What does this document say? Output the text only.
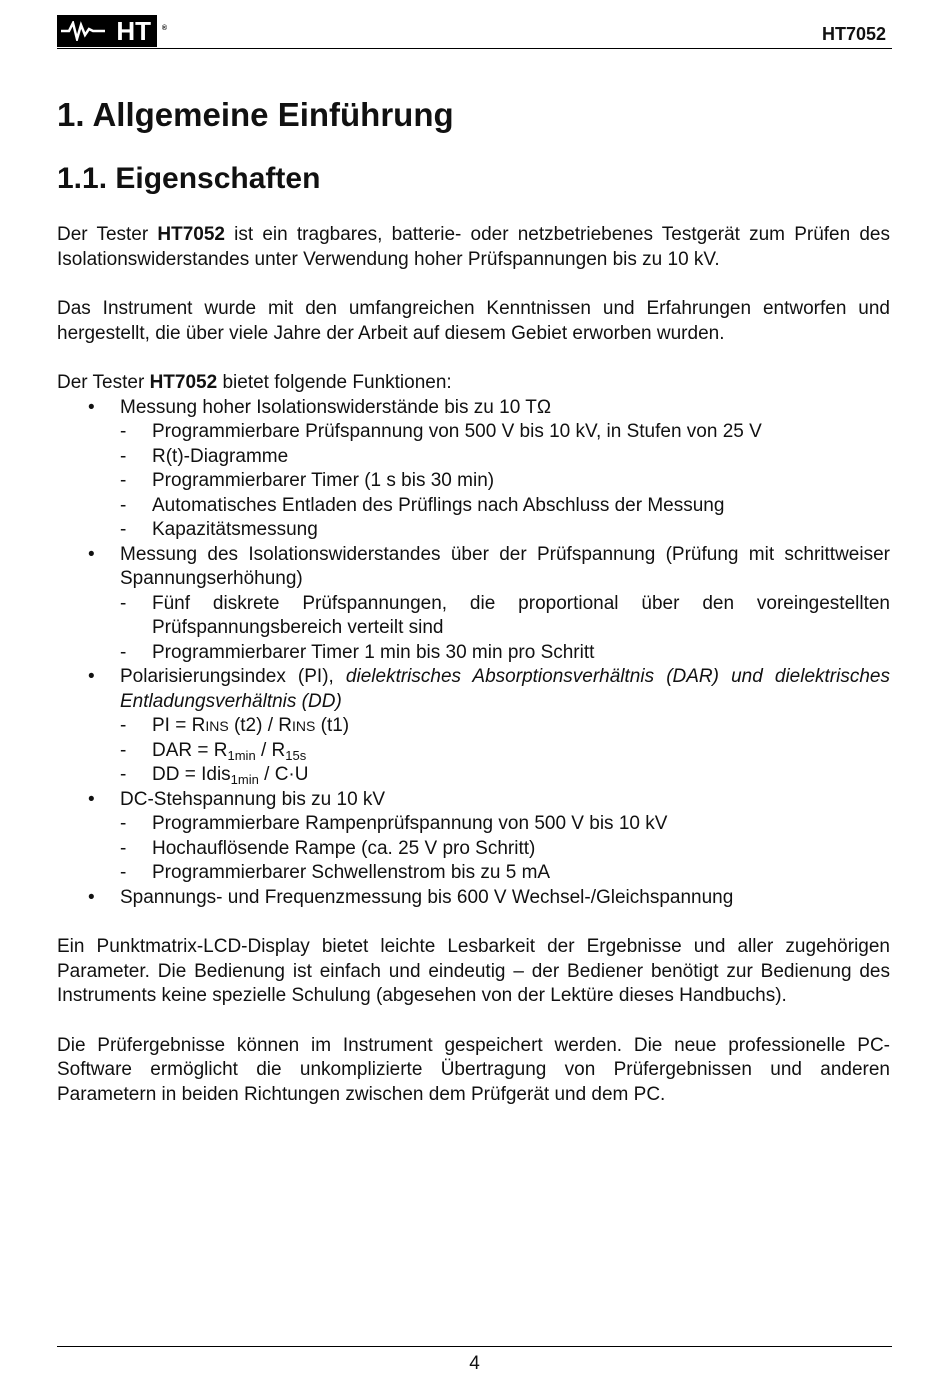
HT ®	HT7052
1. Allgemeine Einführung
1.1. Eigenschaften

Der Tester HT7052 ist ein tragbares, batterie- oder netzbetriebenes Testgerät zum Prüfen des Isolationswiderstandes unter Verwendung hoher Prüfspannungen bis zu 10 kV.

Das Instrument wurde mit den umfangreichen Kenntnissen und Erfahrungen entworfen und hergestellt, die über viele Jahre der Arbeit auf diesem Gebiet erworben wurden.

Der Tester HT7052 bietet folgende Funktionen:

• Messung hoher Isolationswiderstände bis zu 10 TΩ
- Programmierbare Prüfspannung von 500 V bis 10 kV, in Stufen von 25 V
- R(t)-Diagramme
- Programmierbarer Timer (1 s bis 30 min)
- Automatisches Entladen des Prüflings nach Abschluss der Messung
- Kapazitätsmessung
• Messung des Isolationswiderstandes über der Prüfspannung (Prüfung mit schrittweiser Spannungserhöhung)
- Fünf diskrete Prüfspannungen, die proportional über den voreingestellten Prüfspannungsbereich verteilt sind
- Programmierbarer Timer 1 min bis 30 min pro Schritt
• Polarisierungsindex (PI), dielektrisches Absorptionsverhältnis (DAR) und dielektrisches Entladungsverhältnis (DD)
- PI = RINS (t2) / RINS (t1)
- DAR = $R_{1min} / R_{15s}$
- DD = Idis$_{1min}$ / C·U
• DC-Stehspannung bis zu 10 kV
- Programmierbare Rampenprüfspannung von 500 V bis 10 kV
- Hochauflösende Rampe (ca. 25 V pro Schritt)
- Programmierbarer Schwellenstrom bis zu 5 mA
• Spannungs- und Frequenzmessung bis 600 V Wechsel-/Gleichspannung

Ein Punktmatrix-LCD-Display bietet leichte Lesbarkeit der Ergebnisse und aller zugehörigen Parameter. Die Bedienung ist einfach und eindeutig – der Bediener benötigt zur Bedienung des Instruments keine spezielle Schulung (abgesehen von der Lektüre dieses Handbuchs).

Die Prüfergebnisse können im Instrument gespeichert werden. Die neue professionelle PC-Software ermöglicht die unkomplizierte Übertragung von Prüfergebnissen und anderen Parametern in beiden Richtungen zwischen dem Prüfgerät und dem PC.

4
